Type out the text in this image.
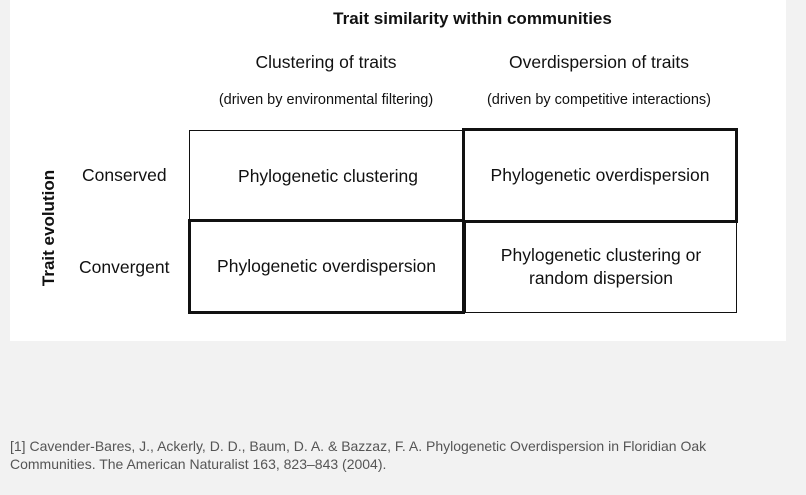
Trait similarity within communities
Clustering of traits
(driven by environmental filtering)
Overdispersion of traits
(driven by competitive interactions)
Trait evolution Conserved
Convergent
Phylogenetic clustering
Phylogenetic clustering or
random dispersion
Phylogenetic overdispersion
Phylogenetic overdispersion
[1] Cavender-Bares, J., Ackerly, D. D., Baum, D. A. & Bazzaz, F. A. Phylogenetic Overdispersion in Floridian Oak Communities. The American Naturalist 163, 823–843 (2004).
